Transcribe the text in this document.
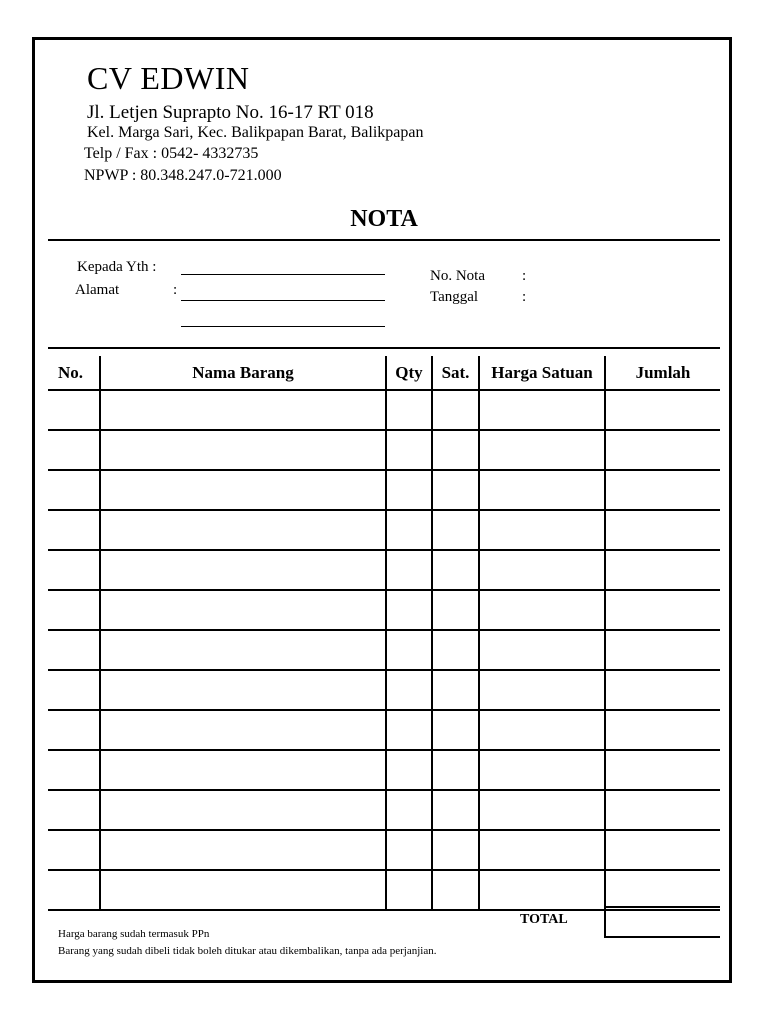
CV EDWIN
Jl. Letjen Suprapto No. 16-17 RT 018
Kel. Marga Sari, Kec. Balikpapan Barat, Balikpapan
Telp / Fax : 0542- 4332735
NPWP : 80.348.247.0-721.000
NOTA
Kepada Yth :
Alamat	:
No. Nota :
Tanggal	:
No.	Nama Barang	Qty	Sat.	Harga Satuan	Jumlah

Harga barang sudah termasuk PPn
Barang yang sudah dibeli tidak boleh ditukar atau dikembalikan, tanpa ada perjanjian.
TOTAL
